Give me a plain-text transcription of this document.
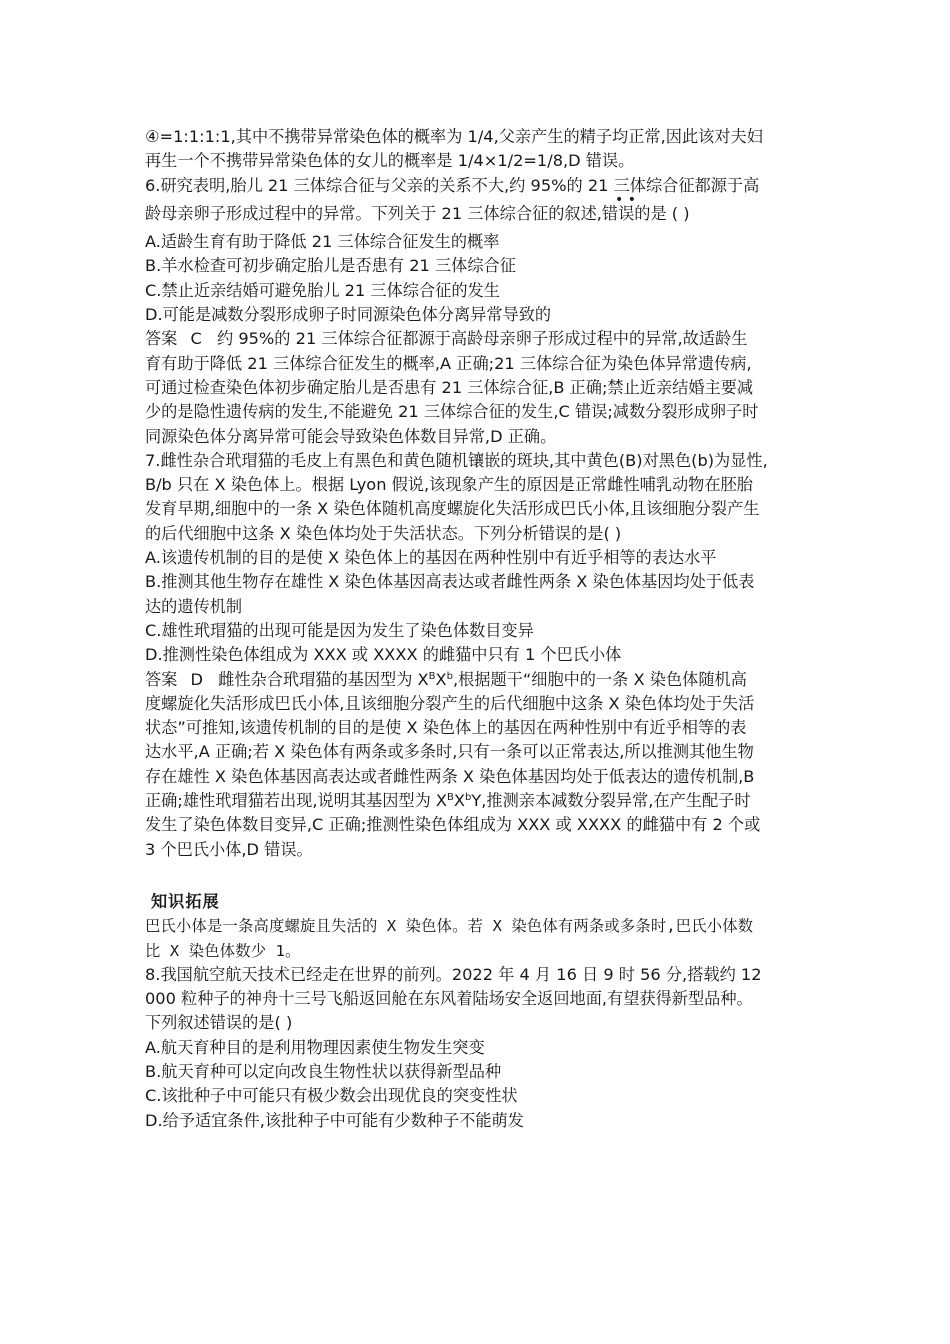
④=1:1:1:1,其中不携带异常染色体的概率为 1/4,父亲产生的精子均正常,因此该对夫妇
再生一个不携带异常染色体的女儿的概率是 1/4×1/2=1/8,D 错误。
6.研究表明,胎儿 21 三体综合征与父亲的关系不大,约 95%的 21 三体综合征都源于高
• •
龄母亲卵子形成过程中的异常。下列关于 21 三体综合征的叙述,错误的是 ( )
A.适龄生育有助于降低 21 三体综合征发生的概率
B.羊水检查可初步确定胎儿是否患有 21 三体综合征
C.禁止近亲结婚可避免胎儿 21 三体综合征的发生
D.可能是减数分裂形成卵子时同源染色体分离异常导致的
答案 C 约 95%的 21 三体综合征都源于高龄母亲卵子形成过程中的异常,故适龄生
育有助于降低 21 三体综合征发生的概率,A 正确;21 三体综合征为染色体异常遗传病,
可通过检查染色体初步确定胎儿是否患有 21 三体综合征,B 正确;禁止近亲结婚主要减
少的是隐性遗传病的发生,不能避免 21 三体综合征的发生,C 错误;减数分裂形成卵子时
同源染色体分离异常可能会导致染色体数目异常,D 正确。
7.雌性杂合玳瑁猫的毛皮上有黑色和黄色随机镶嵌的斑块,其中黄色(B)对黑色(b)为显性,
B/b 只在 X 染色体上。根据 Lyon 假说,该现象产生的原因是正常雌性哺乳动物在胚胎
发育早期,细胞中的一条 X 染色体随机高度螺旋化失活形成巴氏小体,且该细胞分裂产生
的后代细胞中这条 X 染色体均处于失活状态。下列分析错误的是( )
A.该遗传机制的目的是使 X 染色体上的基因在两种性别中有近乎相等的表达水平
B.推测其他生物存在雄性 X 染色体基因高表达或者雌性两条 X 染色体基因均处于低表
达的遗传机制
C.雄性玳瑁猫的出现可能是因为发生了染色体数目变异
D.推测性染色体组成为 XXX 或 XXXX 的雌猫中只有 1 个巴氏小体
答案 D 雌性杂合玳瑁猫的基因型为 $X^BX^b$,根据题干“细胞中的一条 X 染色体随机高
度螺旋化失活形成巴氏小体,且该细胞分裂产生的后代细胞中这条 X 染色体均处于失活
状态”可推知,该遗传机制的目的是使 X 染色体上的基因在两种性别中有近乎相等的表
达水平,A 正确;若 X 染色体有两条或多条时,只有一条可以正常表达,所以推测其他生物
存在雄性 X 染色体基因高表达或者雌性两条 X 染色体基因均处于低表达的遗传机制,B
正确;雄性玳瑁猫若出现,说明其基因型为 $X^BX^bY$,推测亲本减数分裂异常,在产生配子时
发生了染色体数目变异,C 正确;推测性染色体组成为 XXX 或 XXXX 的雌猫中有 2 个或
3 个巴氏小体,D 错误。
知识拓展
巴氏小体是一条高度螺旋且失活的 X 染色体。若 X 染色体有两条或多条时,巴氏小体数
比 X 染色体数少 1。
8.我国航空航天技术已经走在世界的前列。2022 年 4 月 16 日 9 时 56 分,搭载约 12
000 粒种子的神舟十三号飞船返回舱在东风着陆场安全返回地面,有望获得新型品种。
下列叙述错误的是( )
A.航天育种目的是利用物理因素使生物发生突变
B.航天育种可以定向改良生物性状以获得新型品种
C.该批种子中可能只有极少数会出现优良的突变性状
D.给予适宜条件,该批种子中可能有少数种子不能萌发
